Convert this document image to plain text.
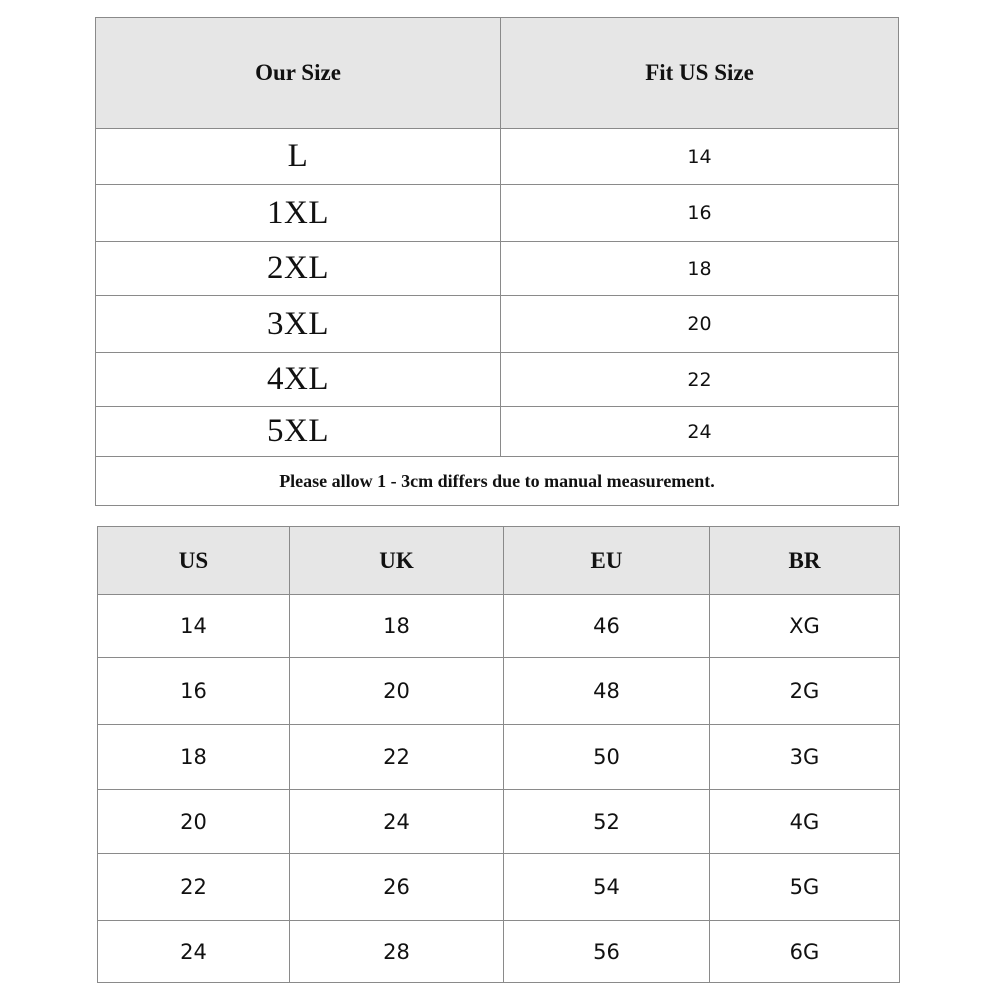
Our Size	Fit US Size
L	14
1XL	16
2XL	18
3XL	20
4XL	22
5XL	24
Please allow 1 - 3cm differs due to manual measurement.	
US	UK	EU	BR
14	18	46	XG
16	20	48	2G
18	22	50	3G
20	24	52	4G
22	26	54	5G
24	28	56	6G
